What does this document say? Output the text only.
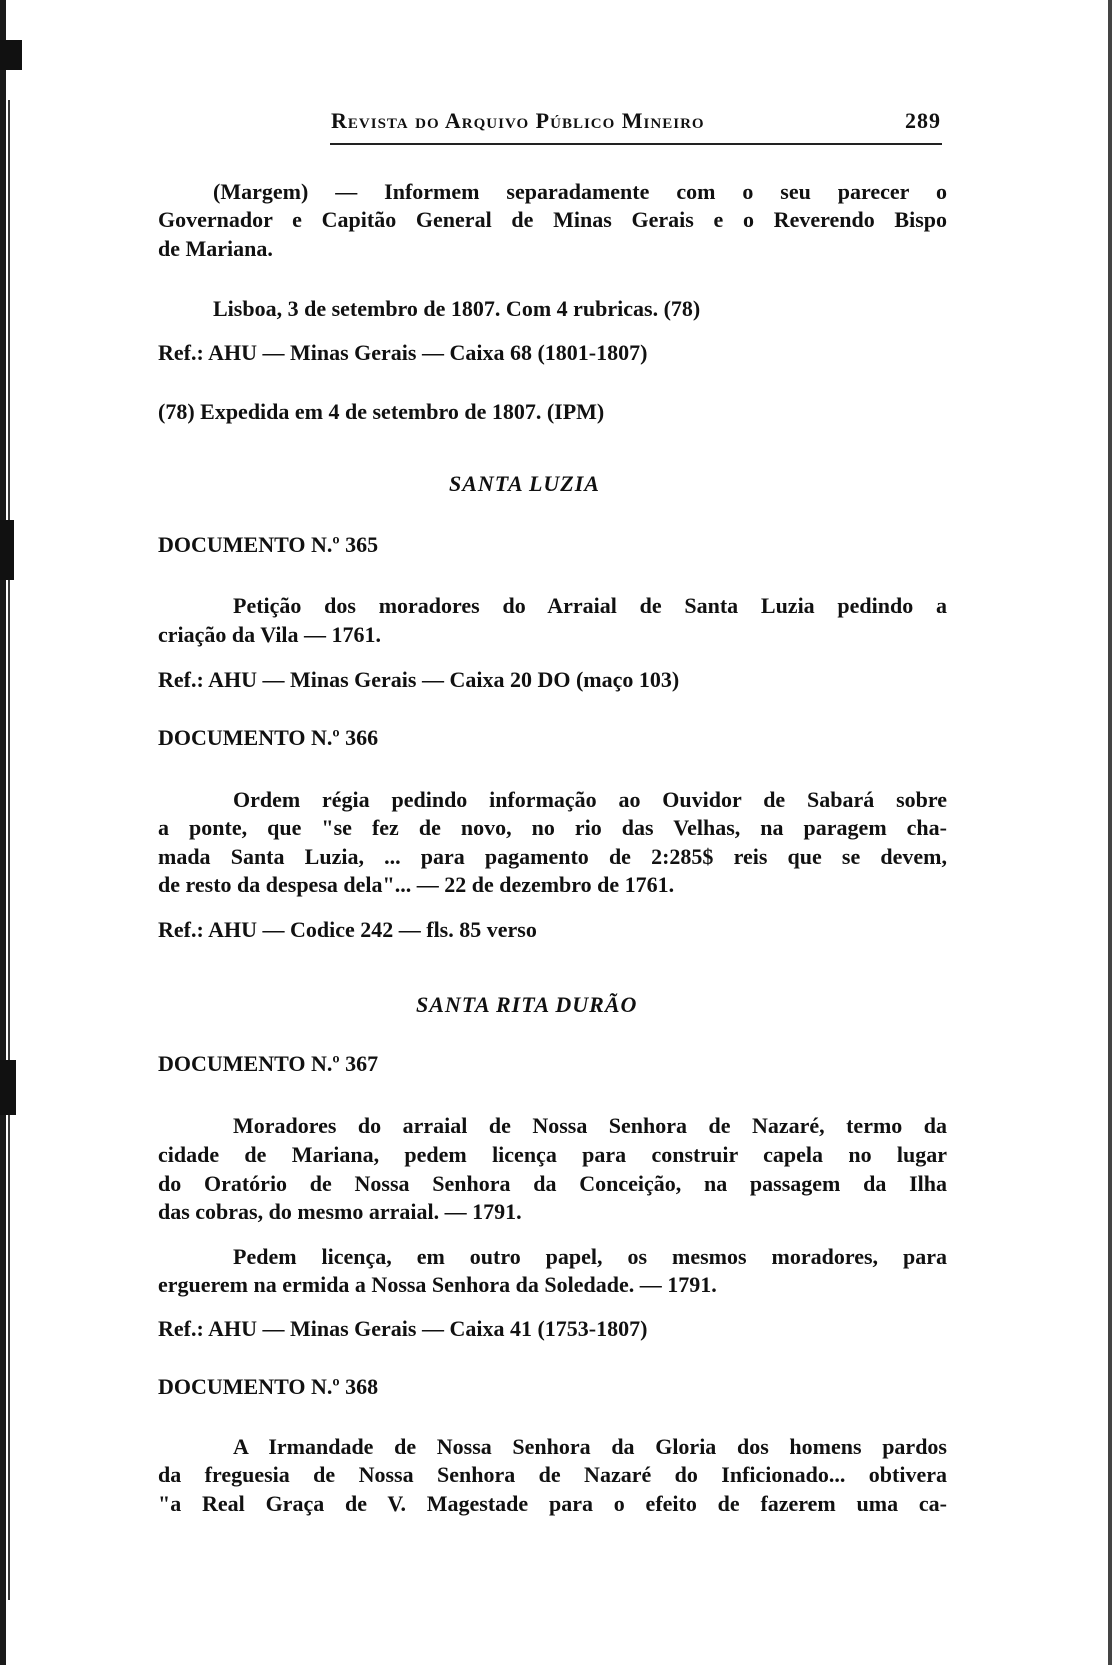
Revista do Arquivo Público Mineiro	289
(Margem) — Informem separadamente com o seu parecer o
Governador e Capitão General de Minas Gerais e o Reverendo Bispo
de Mariana.
Lisboa, 3 de setembro de 1807. Com 4 rubricas. (78)
Ref.: AHU — Minas Gerais — Caixa 68 (1801-1807)
(78) Expedida em 4 de setembro de 1807. (IPM)
SANTA LUZIA
DOCUMENTO N.º 365
Petição dos moradores do Arraial de Santa Luzia pedindo a
criação da Vila — 1761.
Ref.: AHU — Minas Gerais — Caixa 20 DO (maço 103)
DOCUMENTO N.º 366
Ordem régia pedindo informação ao Ouvidor de Sabará sobre
a ponte, que "se fez de novo, no rio das Velhas, na paragem cha-
mada Santa Luzia, ... para pagamento de 2:285$ reis que se devem,
de resto da despesa dela"... — 22 de dezembro de 1761.
Ref.: AHU — Codice 242 — fls. 85 verso
SANTA RITA DURÃO
DOCUMENTO N.º 367
Moradores do arraial de Nossa Senhora de Nazaré, termo da
cidade de Mariana, pedem licença para construir capela no lugar
do Oratório de Nossa Senhora da Conceição, na passagem da Ilha
das cobras, do mesmo arraial. — 1791.
Pedem licença, em outro papel, os mesmos moradores, para
erguerem na ermida a Nossa Senhora da Soledade. — 1791.
Ref.: AHU — Minas Gerais — Caixa 41 (1753-1807)
DOCUMENTO N.º 368
A Irmandade de Nossa Senhora da Gloria dos homens pardos
da freguesia de Nossa Senhora de Nazaré do Inficionado... obtivera
"a Real Graça de V. Magestade para o efeito de fazerem uma ca-
